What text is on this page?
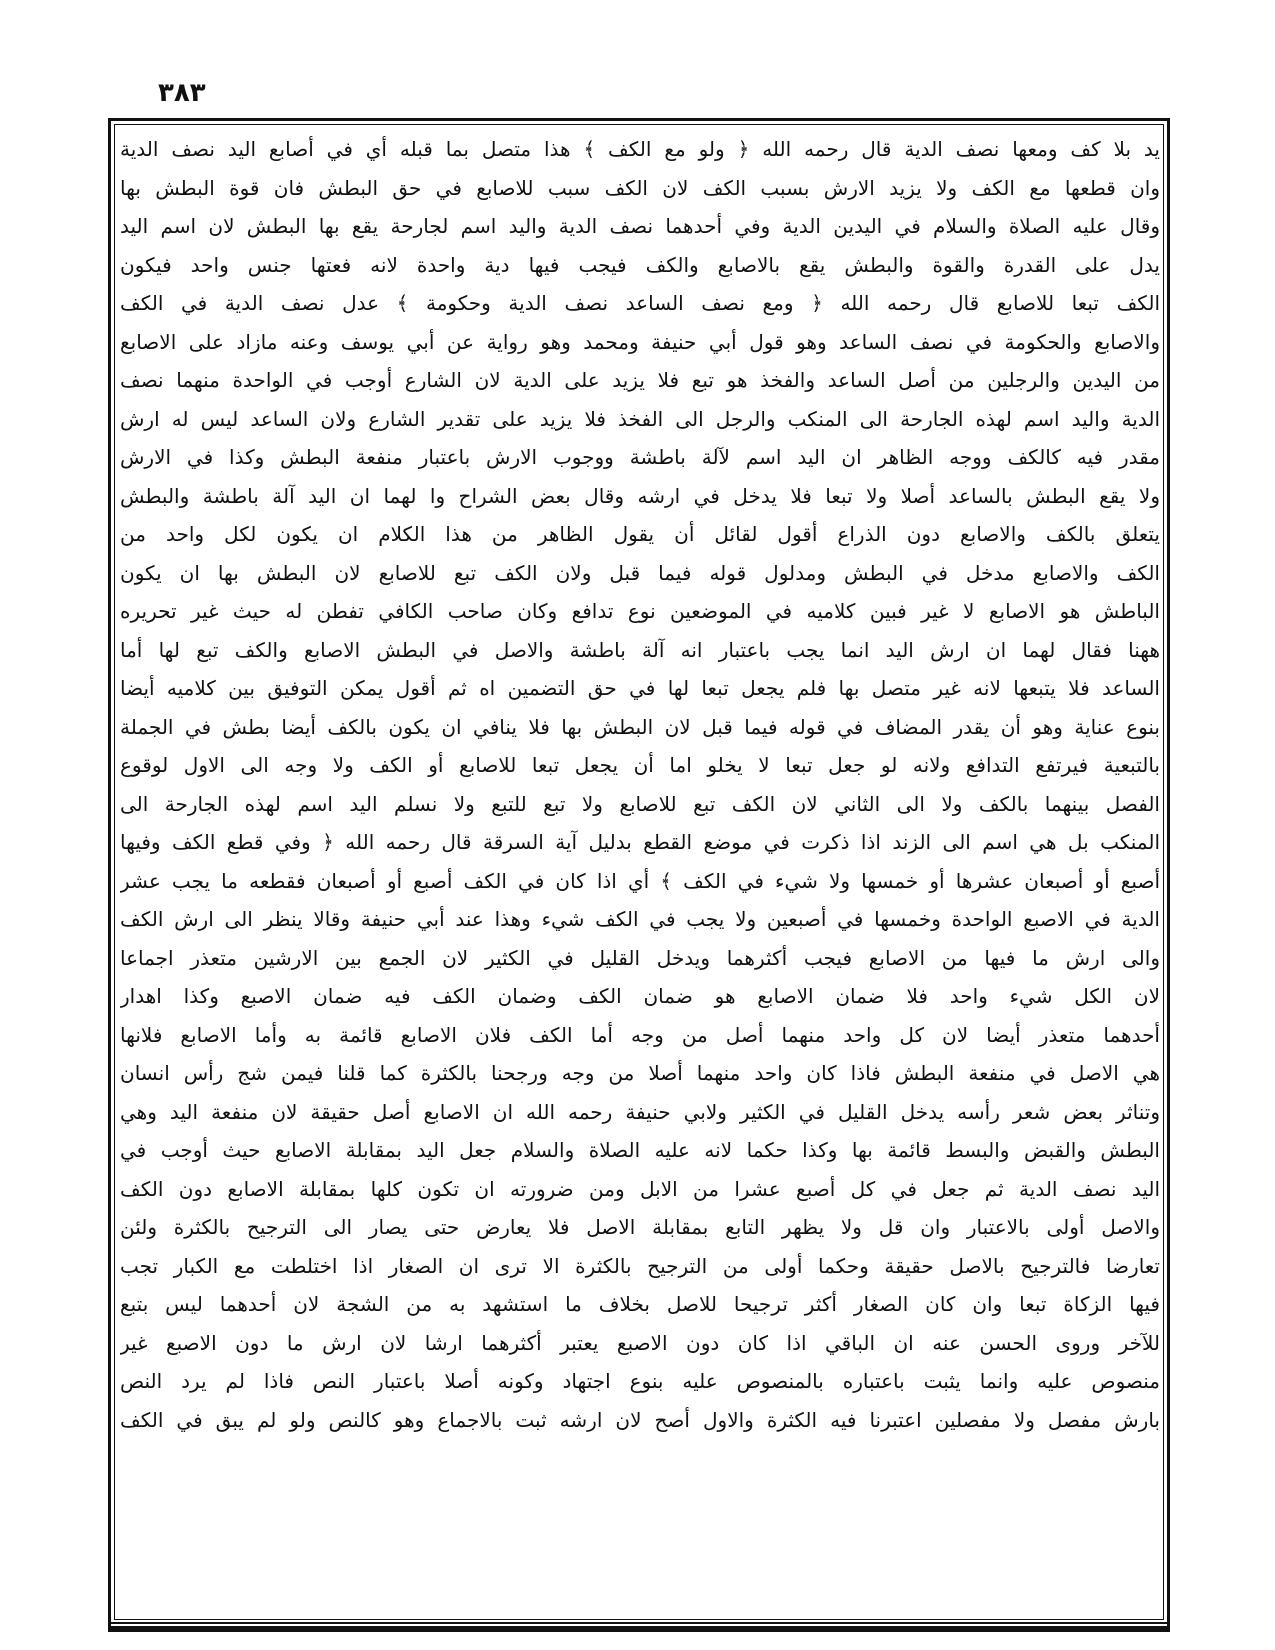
٣٨٣
يد بلا كف ومعها نصف الدية قال رحمه الله ﴿ ولو مع الكف ﴾ هذا متصل بما قبله أي في أصابع اليد نصف الدية
وان قطعها مع الكف ولا يزيد الارش بسبب الكف لان الكف سبب للاصابع في حق البطش فان قوة البطش بها
وقال عليه الصلاة والسلام في اليدين الدية وفي أحدهما نصف الدية واليد اسم لجارحة يقع بها البطش لان اسم اليد
يدل على القدرة والقوة والبطش يقع بالاصابع والكف فيجب فيها دية واحدة لانه فعتها جنس واحد فيكون
الكف تبعا للاصابع قال رحمه الله ﴿ ومع نصف الساعد نصف الدية وحكومة ﴾ عدل نصف الدية في الكف
والاصابع والحكومة في نصف الساعد وهو قول أبي حنيفة ومحمد وهو رواية عن أبي يوسف وعنه مازاد على الاصابع
من اليدين والرجلين من أصل الساعد والفخذ هو تبع فلا يزيد على الدية لان الشارع أوجب في الواحدة منهما نصف
الدية واليد اسم لهذه الجارحة الى المنكب والرجل الى الفخذ فلا يزيد على تقدير الشارع ولان الساعد ليس له ارش
مقدر فيه كالكف ووجه الظاهر ان اليد اسم لآلة باطشة ووجوب الارش باعتبار منفعة البطش وكذا في الارش
ولا يقع البطش بالساعد أصلا ولا تبعا فلا يدخل في ارشه وقال بعض الشراح وا لهما ان اليد آلة باطشة والبطش
يتعلق بالكف والاصابع دون الذراع أقول لقائل أن يقول الظاهر من هذا الكلام ان يكون لكل واحد من
الكف والاصابع مدخل في البطش ومدلول قوله فيما قبل ولان الكف تبع للاصابع لان البطش بها ان يكون
الباطش هو الاصابع لا غير فبين كلاميه في الموضعين نوع تدافع وكان صاحب الكافي تفطن له حيث غير تحريره
ههنا فقال لهما ان ارش اليد انما يجب باعتبار انه آلة باطشة والاصل في البطش الاصابع والكف تبع لها أما
الساعد فلا يتبعها لانه غير متصل بها فلم يجعل تبعا لها في حق التضمين اه ثم أقول يمكن التوفيق بين كلاميه أيضا
بنوع عناية وهو أن يقدر المضاف في قوله فيما قبل لان البطش بها فلا ينافي ان يكون بالكف أيضا بطش في الجملة
بالتبعية فيرتفع التدافع ولانه لو جعل تبعا لا يخلو اما أن يجعل تبعا للاصابع أو الكف ولا وجه الى الاول لوقوع
الفصل بينهما بالكف ولا الى الثاني لان الكف تبع للاصابع ولا تبع للتبع ولا نسلم اليد اسم لهذه الجارحة الى
المنكب بل هي اسم الى الزند اذا ذكرت في موضع القطع بدليل آية السرقة قال رحمه الله ﴿ وفي قطع الكف وفيها
أصبع أو أصبعان عشرها أو خمسها ولا شيء في الكف ﴾ أي اذا كان في الكف أصبع أو أصبعان فقطعه ما يجب عشر
الدية في الاصبع الواحدة وخمسها في أصبعين ولا يجب في الكف شيء وهذا عند أبي حنيفة وقالا ينظر الى ارش الكف
والى ارش ما فيها من الاصابع فيجب أكثرهما ويدخل القليل في الكثير لان الجمع بين الارشين متعذر اجماعا
لان الكل شيء واحد فلا ضمان الاصابع هو ضمان الكف وضمان الكف فيه ضمان الاصبع وكذا اهدار
أحدهما متعذر أيضا لان كل واحد منهما أصل من وجه أما الكف فلان الاصابع قائمة به وأما الاصابع فلانها
هي الاصل في منفعة البطش فاذا كان واحد منهما أصلا من وجه ورجحنا بالكثرة كما قلنا فيمن شج رأس انسان
وتناثر بعض شعر رأسه يدخل القليل في الكثير ولابي حنيفة رحمه الله ان الاصابع أصل حقيقة لان منفعة اليد وهي
البطش والقبض والبسط قائمة بها وكذا حكما لانه عليه الصلاة والسلام جعل اليد بمقابلة الاصابع حيث أوجب في
اليد نصف الدية ثم جعل في كل أصبع عشرا من الابل ومن ضرورته ان تكون كلها بمقابلة الاصابع دون الكف
والاصل أولى بالاعتبار وان قل ولا يظهر التابع بمقابلة الاصل فلا يعارض حتى يصار الى الترجيح بالكثرة ولئن
تعارضا فالترجيح بالاصل حقيقة وحكما أولى من الترجيح بالكثرة الا ترى ان الصغار اذا اختلطت مع الكبار تجب
فيها الزكاة تبعا وان كان الصغار أكثر ترجيحا للاصل بخلاف ما استشهد به من الشجة لان أحدهما ليس بتبع
للآخر وروى الحسن عنه ان الباقي اذا كان دون الاصبع يعتبر أكثرهما ارشا لان ارش ما دون الاصبع غير
منصوص عليه وانما يثبت باعتباره بالمنصوص عليه بنوع اجتهاد وكونه أصلا باعتبار النص فاذا لم يرد النص
بارش مفصل ولا مفصلين اعتبرنا فيه الكثرة والاول أصح لان ارشه ثبت بالاجماع وهو كالنص ولو لم يبق في الكف
